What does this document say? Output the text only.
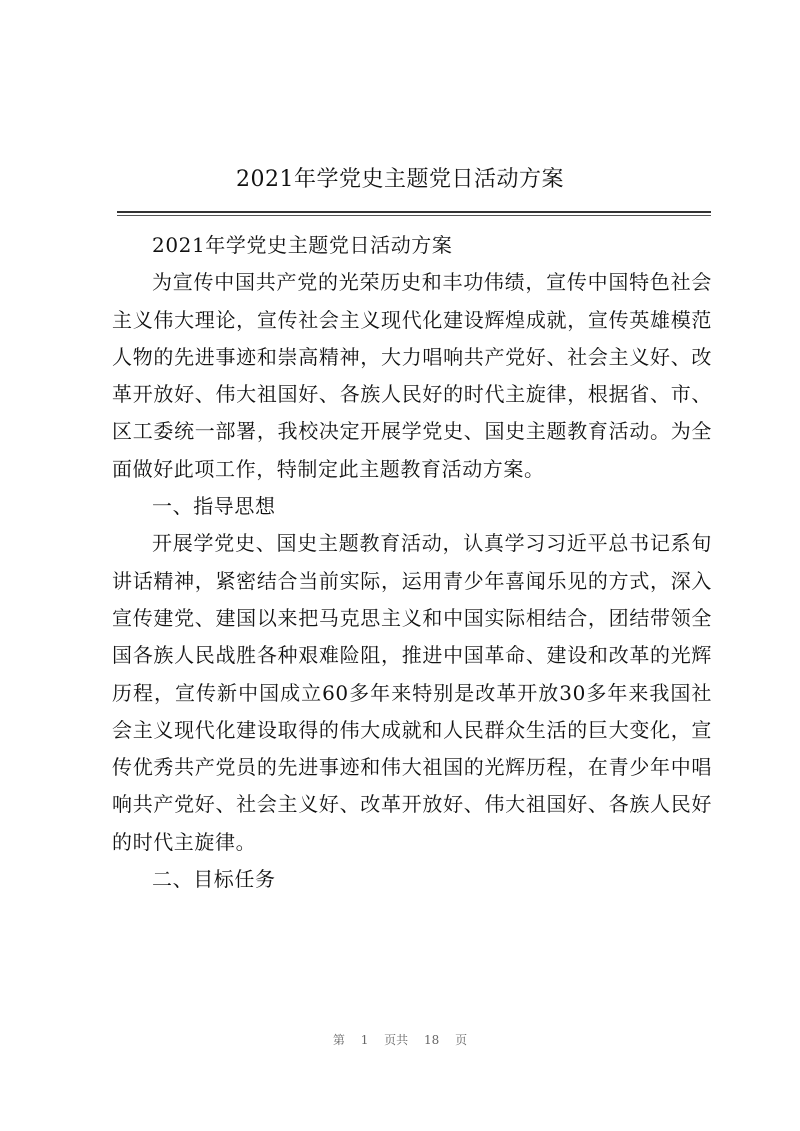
2021年学党史主题党日活动方案

2021年学党史主题党日活动方案

为宣传中国共产党的光荣历史和丰功伟绩，宣传中国特色社会主义伟大理论，宣传社会主义现代化建设辉煌成就，宣传英雄模范人物的先进事迹和崇高精神，大力唱响共产党好、社会主义好、改革开放好、伟大祖国好、各族人民好的时代主旋律，根据省、市、区工委统一部署，我校决定开展学党史、国史主题教育活动。为全面做好此项工作，特制定此主题教育活动方案。

一、指导思想

开展学党史、国史主题教育活动，认真学习习近平总书记系旬讲话精神，紧密结合当前实际，运用青少年喜闻乐见的方式，深入宣传建党、建国以来把马克思主义和中国实际相结合，团结带领全国各族人民战胜各种艰难险阻，推进中国革命、建设和改革的光辉历程，宣传新中国成立60多年来特别是改革开放30多年来我国社会主义现代化建设取得的伟大成就和人民群众生活的巨大变化，宣传优秀共产党员的先进事迹和伟大祖国的光辉历程，在青少年中唱响共产党好、社会主义好、改革开放好、伟大祖国好、各族人民好的时代主旋律。

二、目标任务

第 1 页共 18 页
